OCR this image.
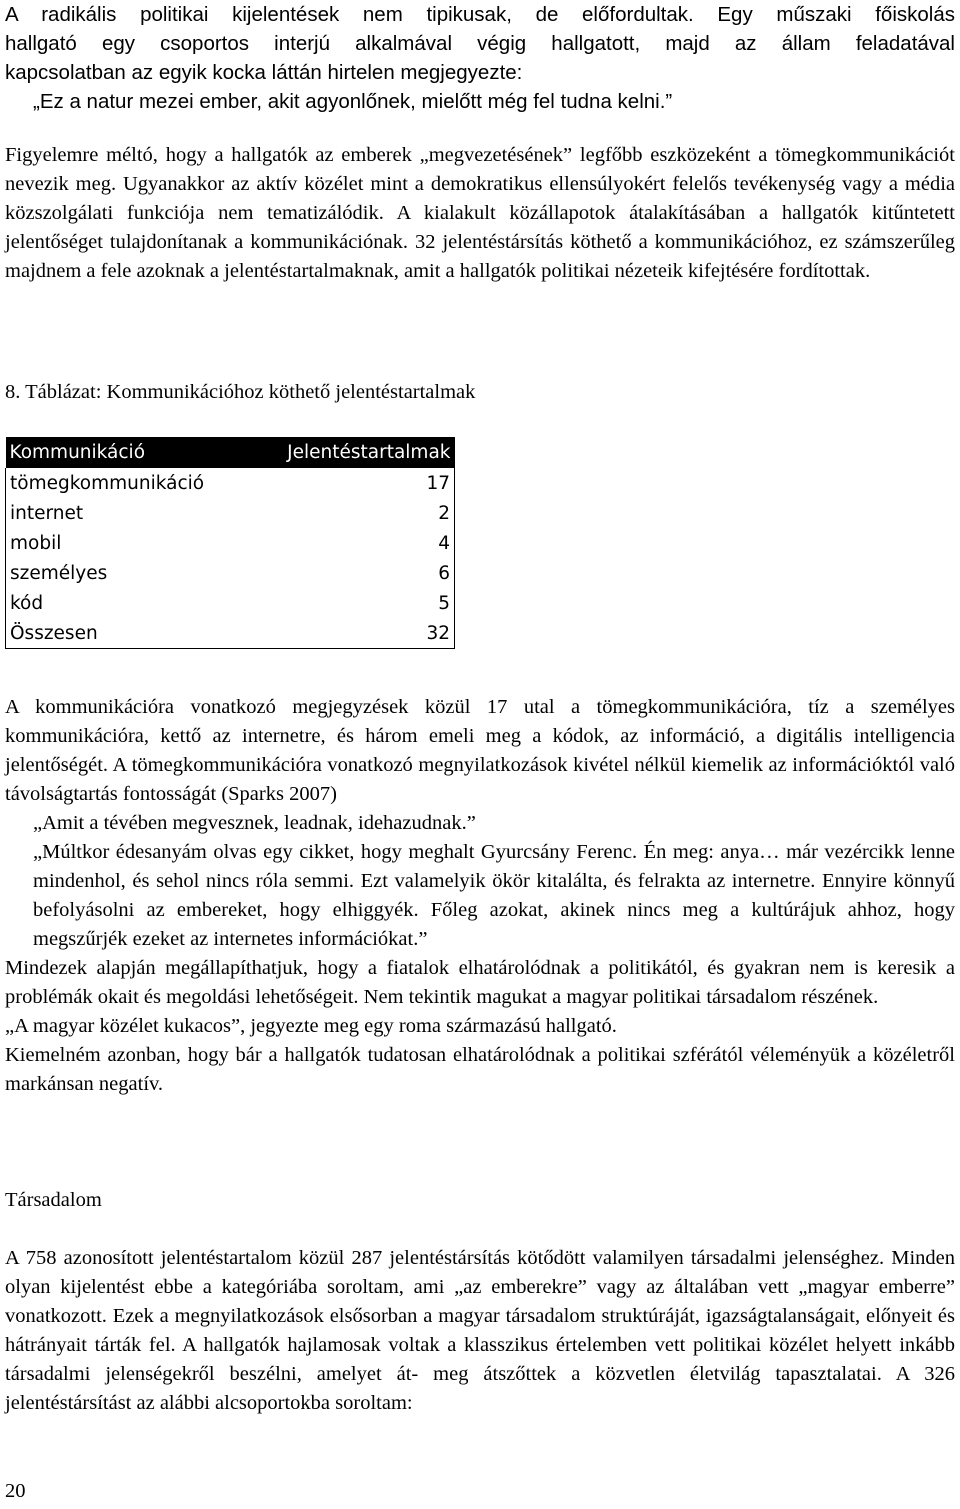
A radikális politikai kijelentések nem tipikusak, de előfordultak. Egy műszaki főiskolás

hallgató egy csoportos interjú alkalmával végig hallgatott, majd az állam feladatával

kapcsolatban az egyik kocka láttán hirtelen megjegyezte:

„Ez a natur mezei ember, akit agyonlőnek, mielőtt még fel tudna kelni.”

Figyelemre méltó, hogy a hallgatók az emberek „megvezetésének” legfőbb eszközeként a tömegkommunikációt nevezik meg. Ugyanakkor az aktív közélet mint a demokratikus ellensúlyokért felelős tevékenység vagy a média közszolgálati funkciója nem tematizálódik. A kialakult közállapotok átalakításában a hallgatók kitűntetett jelentőséget tulajdonítanak a kommunikációnak. 32 jelentéstársítás köthető a kommunikációhoz, ez számszerűleg majdnem a fele azoknak a jelentéstartalmaknak, amit a hallgatók politikai nézeteik kifejtésére fordítottak.

8. Táblázat: Kommunikációhoz köthető jelentéstartalmak
Kommunikáció	Jelentéstartalmak
tömegkommunikáció	17
internet	2
mobil	4
személyes	6
kód	5
Összesen	32

A kommunikációra vonatkozó megjegyzések közül 17 utal a tömegkommunikációra, tíz a személyes kommunikációra, kettő az internetre, és három emeli meg a kódok, az információ, a digitális intelligencia jelentőségét. A tömegkommunikációra vonatkozó megnyilatkozások kivétel nélkül kiemelik az információktól való távolságtartás fontosságát (Sparks 2007)

„Amit a tévében megvesznek, leadnak, idehazudnak.”

„Múltkor édesanyám olvas egy cikket, hogy meghalt Gyurcsány Ferenc. Én meg: anya… már vezércikk lenne mindenhol, és sehol nincs róla semmi. Ezt valamelyik ökör kitalálta, és felrakta az internetre. Ennyire könnyű befolyásolni az embereket, hogy elhiggyék. Főleg azokat, akinek nincs meg a kultúrájuk ahhoz, hogy megszűrjék ezeket az internetes információkat.”

Mindezek alapján megállapíthatjuk, hogy a fiatalok elhatárolódnak a politikától, és gyakran nem is keresik a problémák okait és megoldási lehetőségeit. Nem tekintik magukat a magyar politikai társadalom részének.

„A magyar közélet kukacos”, jegyezte meg egy roma származású hallgató.

Kiemelném azonban, hogy bár a hallgatók tudatosan elhatárolódnak a politikai szférától véleményük a közéletről markánsan negatív.

Társadalom

A 758 azonosított jelentéstartalom közül 287 jelentéstársítás kötődött valamilyen társadalmi jelenséghez. Minden olyan kijelentést ebbe a kategóriába soroltam, ami „az emberekre” vagy az általában vett „magyar emberre” vonatkozott. Ezek a megnyilatkozások elsősorban a magyar társadalom struktúráját, igazságtalanságait, előnyeit és hátrányait tárták fel. A hallgatók hajlamosak voltak a klasszikus értelemben vett politikai közélet helyett inkább társadalmi jelenségekről beszélni, amelyet át- meg átszőttek a közvetlen életvilág tapasztalatai. A 326 jelentéstársítást az alábbi alcsoportokba soroltam:

20
